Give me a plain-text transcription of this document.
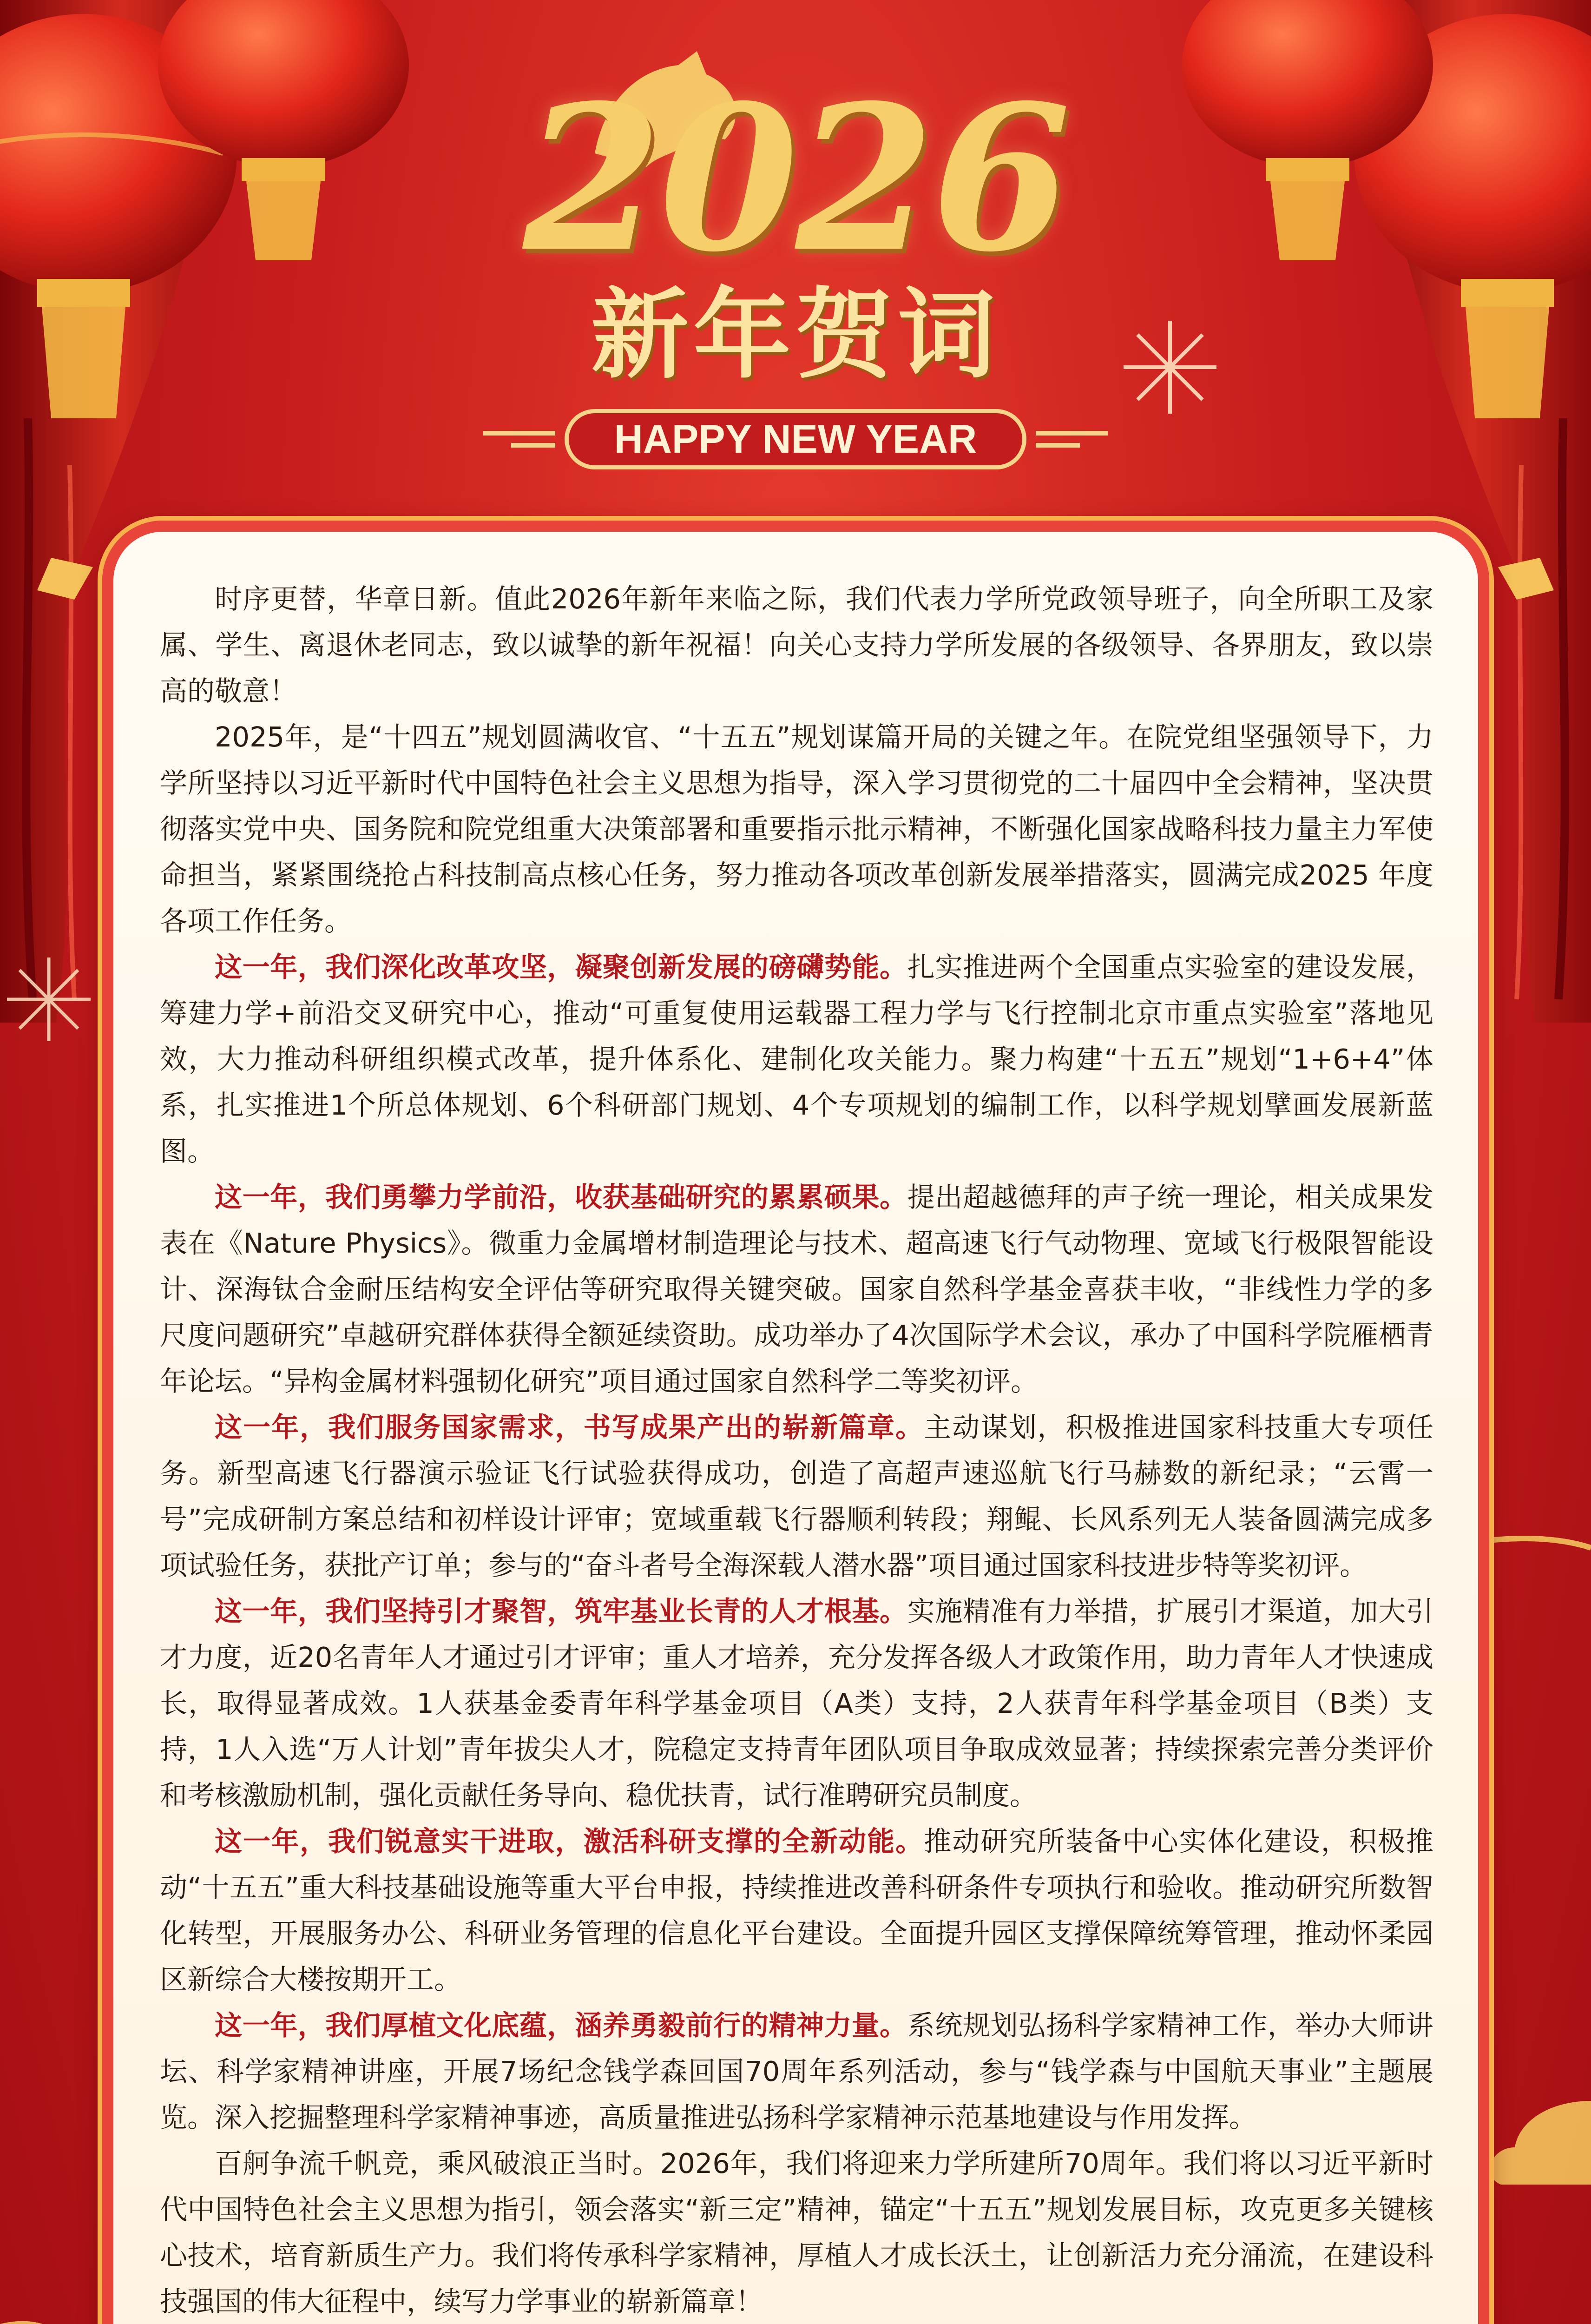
2026
新年贺词
HAPPY NEW YEAR

时序更替，华章日新。值此2026年新年来临之际，我们代表力学所党政领导班子，向全所职工及家属、学生、离退休老同志，致以诚挚的新年祝福！向关心支持力学所发展的各级领导、各界朋友，致以崇高的敬意！

2025年，是“十四五”规划圆满收官、“十五五”规划谋篇开局的关键之年。在院党组坚强领导下，力学所坚持以习近平新时代中国特色社会主义思想为指导，深入学习贯彻党的二十届四中全会精神，坚决贯彻落实党中央、国务院和院党组重大决策部署和重要指示批示精神，不断强化国家战略科技力量主力军使命担当，紧紧围绕抢占科技制高点核心任务，努力推动各项改革创新发展举措落实，圆满完成2025 年度各项工作任务。

这一年，我们深化改革攻坚，凝聚创新发展的磅礴势能。扎实推进两个全国重点实验室的建设发展，筹建力学+前沿交叉研究中心，推动“可重复使用运载器工程力学与飞行控制北京市重点实验室”落地见效，大力推动科研组织模式改革，提升体系化、建制化攻关能力。聚力构建“十五五”规划“1+6+4”体系，扎实推进1个所总体规划、6个科研部门规划、4个专项规划的编制工作，以科学规划擘画发展新蓝图。

这一年，我们勇攀力学前沿，收获基础研究的累累硕果。提出超越德拜的声子统一理论，相关成果发表在《Nature Physics》。微重力金属增材制造理论与技术、超高速飞行气动物理、宽域飞行极限智能设计、深海钛合金耐压结构安全评估等研究取得关键突破。国家自然科学基金喜获丰收，“非线性力学的多尺度问题研究”卓越研究群体获得全额延续资助。成功举办了4次国际学术会议，承办了中国科学院雁栖青年论坛。“异构金属材料强韧化研究”项目通过国家自然科学二等奖初评。

这一年，我们服务国家需求，书写成果产出的崭新篇章。主动谋划，积极推进国家科技重大专项任务。新型高速飞行器演示验证飞行试验获得成功，创造了高超声速巡航飞行马赫数的新纪录；“云霄一号”完成研制方案总结和初样设计评审；宽域重载飞行器顺利转段；翔鲲、长风系列无人装备圆满完成多项试验任务，获批产订单；参与的“奋斗者号全海深载人潜水器”项目通过国家科技进步特等奖初评。

这一年，我们坚持引才聚智，筑牢基业长青的人才根基。实施精准有力举措，扩展引才渠道，加大引才力度，近20名青年人才通过引才评审；重人才培养，充分发挥各级人才政策作用，助力青年人才快速成长，取得显著成效。1人获基金委青年科学基金项目（A类）支持，2人获青年科学基金项目（B类）支持，1人入选“万人计划”青年拔尖人才，院稳定支持青年团队项目争取成效显著；持续探索完善分类评价和考核激励机制，强化贡献任务导向、稳优扶青，试行准聘研究员制度。

这一年，我们锐意实干进取，激活科研支撑的全新动能。推动研究所装备中心实体化建设，积极推动“十五五”重大科技基础设施等重大平台申报，持续推进改善科研条件专项执行和验收。推动研究所数智化转型，开展服务办公、科研业务管理的信息化平台建设。全面提升园区支撑保障统筹管理，推动怀柔园区新综合大楼按期开工。

这一年，我们厚植文化底蕴，涵养勇毅前行的精神力量。系统规划弘扬科学家精神工作，举办大师讲坛、科学家精神讲座，开展7场纪念钱学森回国70周年系列活动，参与“钱学森与中国航天事业”主题展览。深入挖掘整理科学家精神事迹，高质量推进弘扬科学家精神示范基地建设与作用发挥。

百舸争流千帆竞，乘风破浪正当时。2026年，我们将迎来力学所建所70周年。我们将以习近平新时代中国特色社会主义思想为指引，领会落实“新三定”精神，锚定“十五五”规划发展目标，攻克更多关键核心技术，培育新质生产力。我们将传承科学家精神，厚植人才成长沃土，让创新活力充分涌流，在建设科技强国的伟大征程中，续写力学事业的崭新篇章！
